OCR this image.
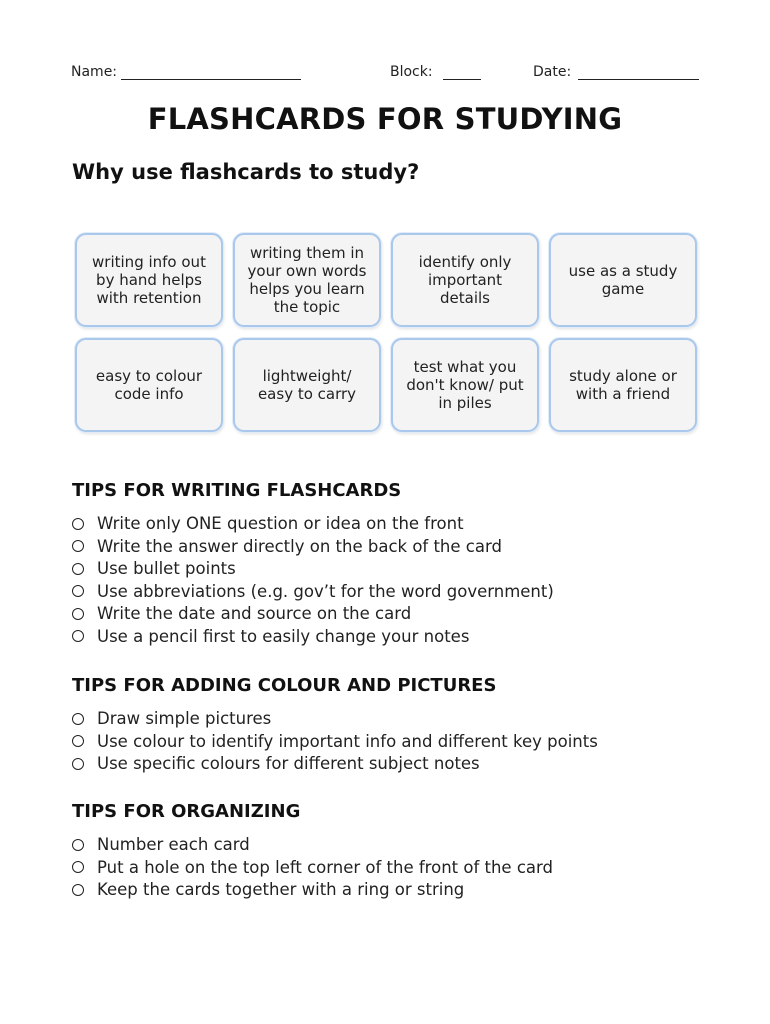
Name:	Block:	Date:
FLASHCARDS FOR STUDYING
Why use flashcards to study?
writing info out by hand helps with retention
writing them in your own words helps you learn the topic
identify only important details
use as a study game
easy to colour code info
lightweight/ easy to carry
test what you don't know/ put in piles
study alone or with a friend
TIPS FOR WRITING FLASHCARDS
Write only ONE question or idea on the front
Write the answer directly on the back of the card
Use bullet points
Use abbreviations (e.g. gov’t for the word government)
Write the date and source on the card
Use a pencil first to easily change your notes
TIPS FOR ADDING COLOUR AND PICTURES
Draw simple pictures
Use colour to identify important info and different key points
Use specific colours for different subject notes
TIPS FOR ORGANIZING
Number each card
Put a hole on the top left corner of the front of the card
Keep the cards together with a ring or string
